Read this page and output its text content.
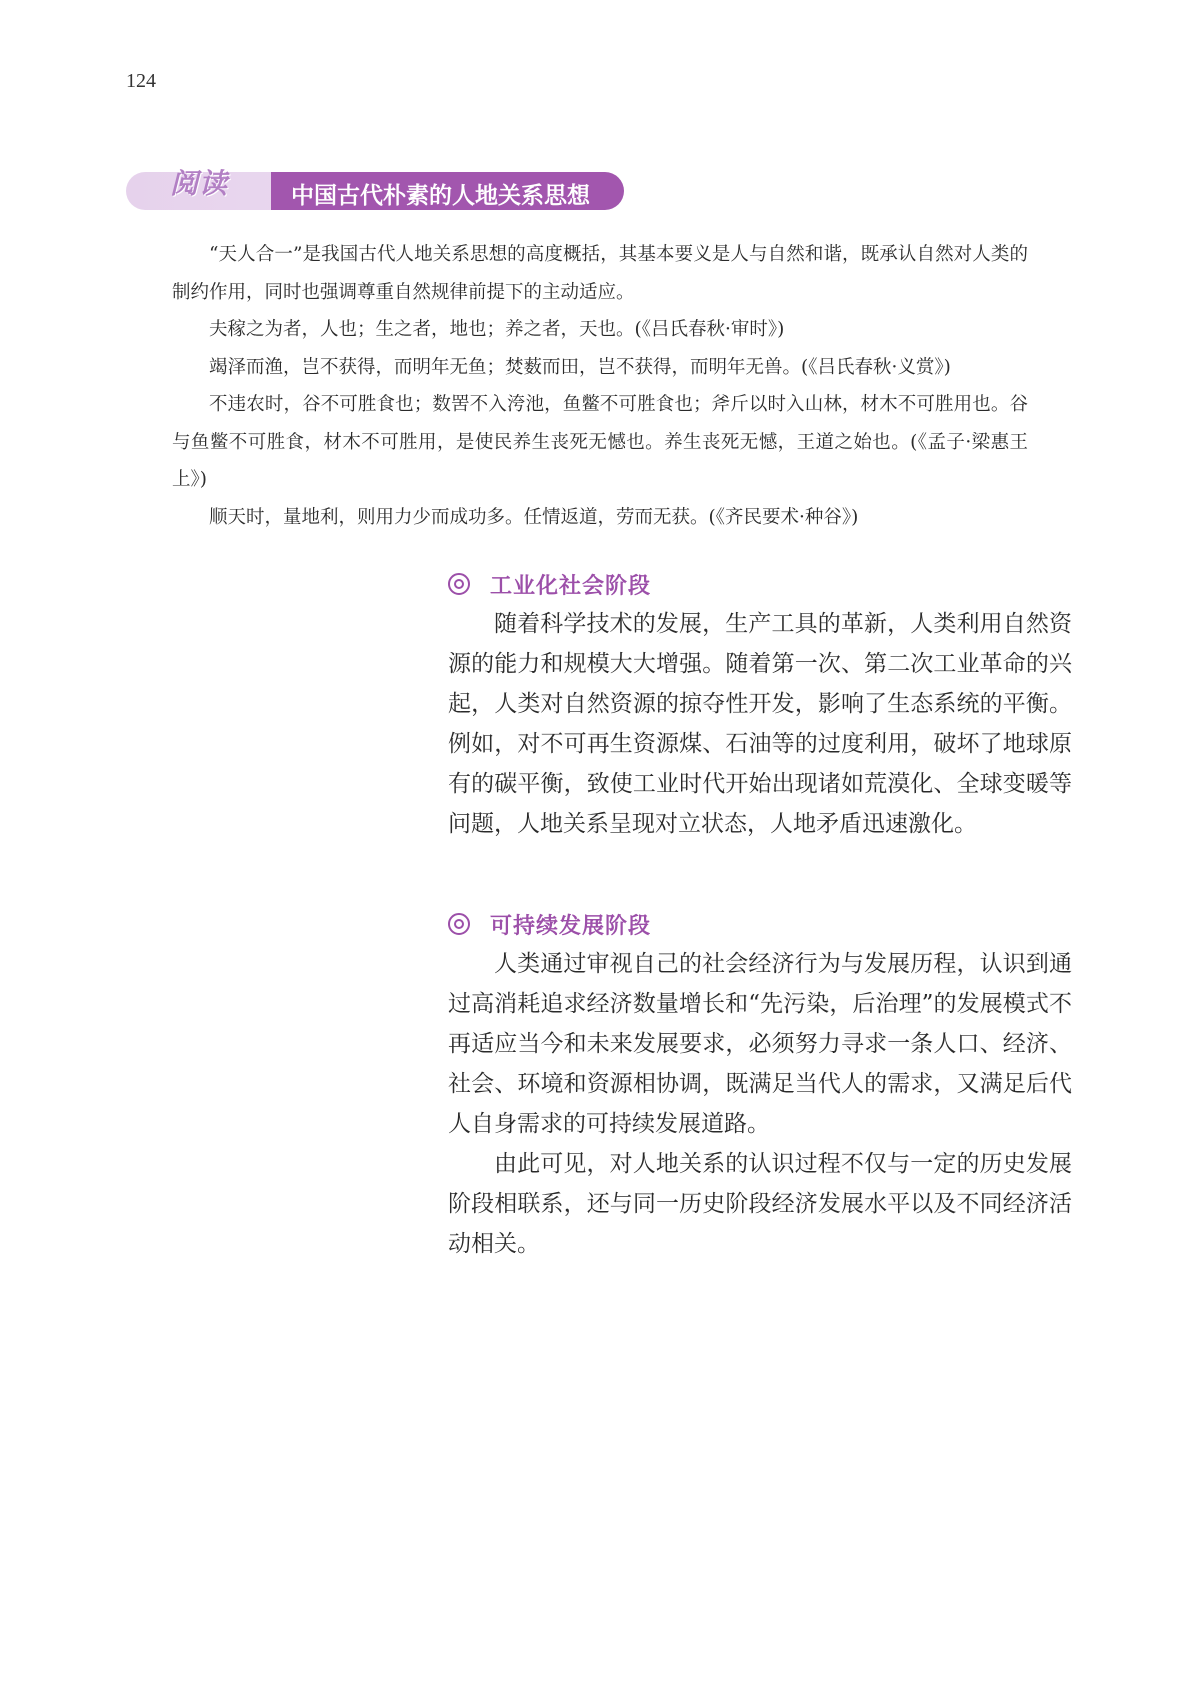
124
阅读	中国古代朴素的人地关系思想

“天人合一”是我国古代人地关系思想的高度概括，其基本要义是人与自然和谐，既承认自然对人类的制约作用，同时也强调尊重自然规律前提下的主动适应。

夫稼之为者，人也；生之者，地也；养之者，天也。(《吕氏春秋·审时》)

竭泽而渔，岂不获得，而明年无鱼；焚薮而田，岂不获得，而明年无兽。(《吕氏春秋·义赏》)

不违农时，谷不可胜食也；数罟不入洿池，鱼鳖不可胜食也；斧斤以时入山林，材木不可胜用也。谷与鱼鳖不可胜食，材木不可胜用，是使民养生丧死无憾也。养生丧死无憾，王道之始也。(《孟子·梁惠王上》)

顺天时，量地利，则用力少而成功多。任情返道，劳而无获。(《齐民要术·种谷》)

工业化社会阶段

随着科学技术的发展，生产工具的革新，人类利用自然资源的能力和规模大大增强。随着第一次、第二次工业革命的兴起，人类对自然资源的掠夺性开发，影响了生态系统的平衡。例如，对不可再生资源煤、石油等的过度利用，破坏了地球原有的碳平衡，致使工业时代开始出现诸如荒漠化、全球变暖等问题，人地关系呈现对立状态，人地矛盾迅速激化。

可持续发展阶段

人类通过审视自己的社会经济行为与发展历程，认识到通过高消耗追求经济数量增长和“先污染，后治理”的发展模式不再适应当今和未来发展要求，必须努力寻求一条人口、经济、社会、环境和资源相协调，既满足当代人的需求，又满足后代人自身需求的可持续发展道路。

由此可见，对人地关系的认识过程不仅与一定的历史发展阶段相联系，还与同一历史阶段经济发展水平以及不同经济活动相关。
